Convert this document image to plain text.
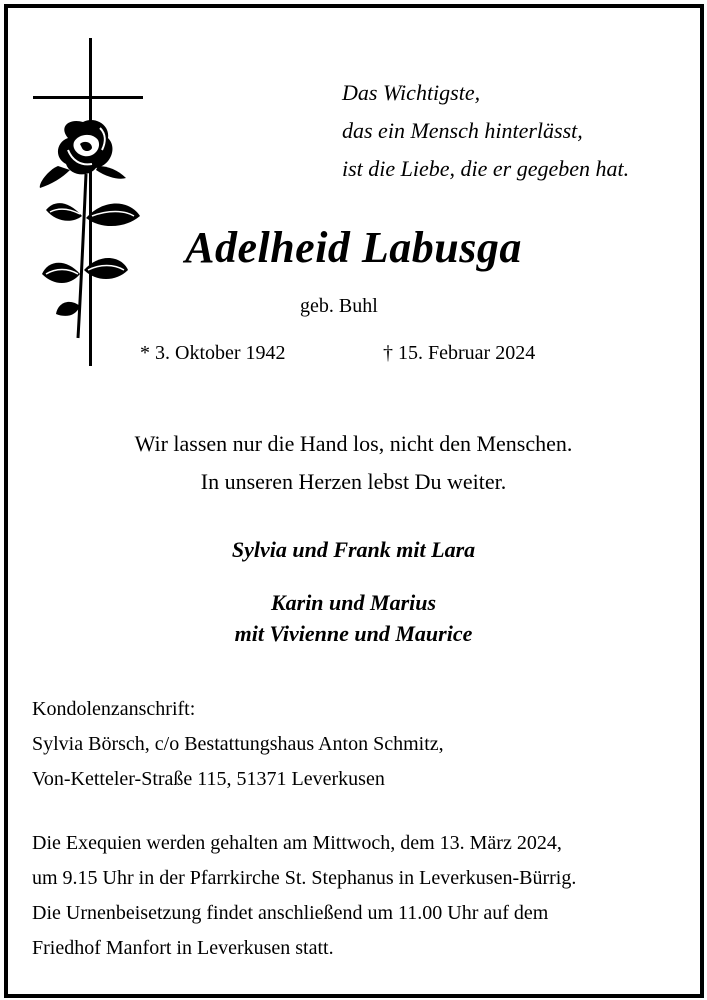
Das Wichtigste,
das ein Mensch hinterlässt,
ist die Liebe, die er gegeben hat.
Adelheid Labusga
geb. Buhl
* 3. Oktober 1942	† 15. Februar 2024
Wir lassen nur die Hand los, nicht den Menschen.
In unseren Herzen lebst Du weiter.
Sylvia und Frank mit Lara
Karin und Marius
mit Vivienne und Maurice
Kondolenzanschrift:
Sylvia Börsch, c/o Bestattungshaus Anton Schmitz,
Von-Ketteler-Straße 115, 51371 Leverkusen
Die Exequien werden gehalten am Mittwoch, dem 13. März 2024,
um 9.15 Uhr in der Pfarrkirche St. Stephanus in Leverkusen-Bürrig.
Die Urnenbeisetzung findet anschließend um 11.00 Uhr auf dem
Friedhof Manfort in Leverkusen statt.
